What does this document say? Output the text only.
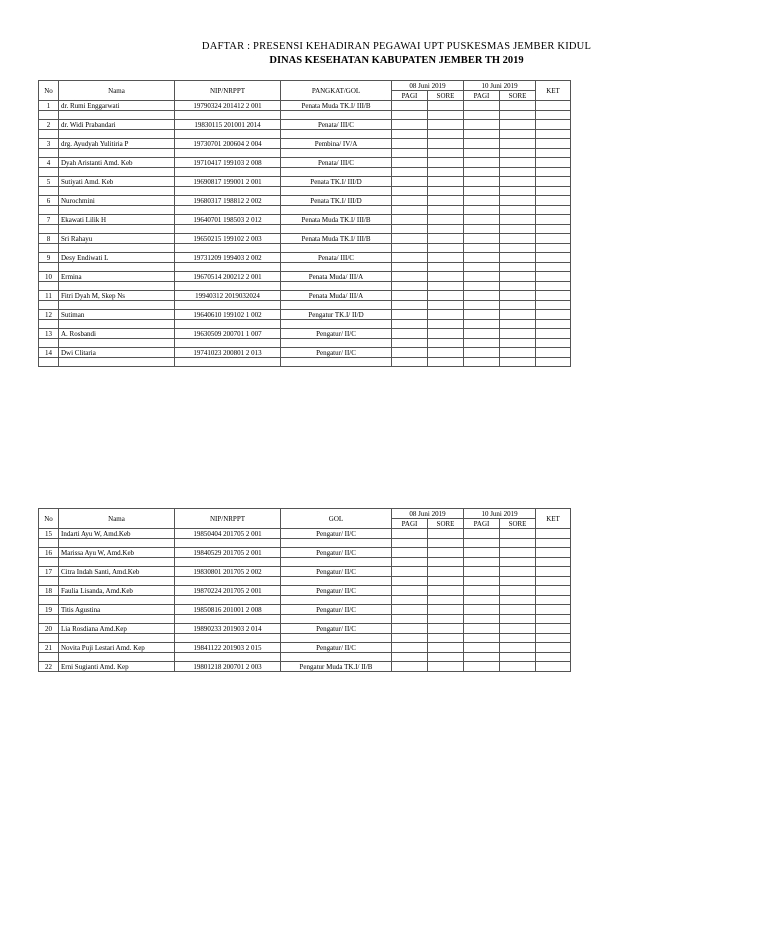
DAFTAR : PRESENSI KEHADIRAN PEGAWAI UPT PUSKESMAS JEMBER KIDUL
DINAS KESEHATAN KABUPATEN JEMBER TH 2019
No	Nama	NIP/NRPPT	PANGKAT/GOL	08 Juni 2019		10 Juni 2019		KET
				PAGI	SORE	PAGI	SORE	
1	dr. Rumi Enggarwati	19790324 201412 2 001	Penata Muda TK.I/ III/B					

2	dr. Widi Prabandari	19830115 201001 2014	Penata/ III/C					

3	drg. Ayudyah Yulitiria P	19730701 200604 2 004	Pembina/ IV/A					

4	Dyah Aristanti Amd. Keb	19710417 199103 2 008	Penata/ III/C					

5	Sutiyati Amd. Keb	19690817 199001 2 001	Penata TK.I/ III/D					

6	Nurochmini	19680317 198812 2 002	Penata TK.I/ III/D					

7	Ekawati Lilik H	19640701 198503 2 012	Penata Muda TK.I/ III/B					

8	Sri Rahayu	19650215 199102 2 003	Penata Muda TK.I/ III/B					

9	Desy Endiwati L	19731209 199403 2 002	Penata/ III/C					

10	Ermina	19670514 200212 2 001	Penata Muda/ III/A					

11	Fitri Dyah M, Skep Ns	19940312 2019032024	Penata Muda/ III/A					

12	Sutiman	19640610 199102 1 002	Pengatur TK.I/ II/D					

13	A. Rosbandi	19630509 200701 1 007	Pengatur/ II/C					

14	Dwi Clitaria	19741023 200801 2 013	Pengatur/ II/C					

No	Nama	NIP/NRPPT	GOL	08 Juni 2019		10 Juni 2019		KET
				PAGI	SORE	PAGI	SORE	
15	Indarti Ayu W, Amd.Keb	19850404 201705 2 001	Pengatur/ II/C					

16	Marissa Ayu W, Amd.Keb	19840529 201705 2 001	Pengatur/ II/C					

17	Citra Indah Santi, Amd.Keb	19830801 201705 2 002	Pengatur/ II/C					

18	Faulia Lisanda, Amd.Keb	19870224 201705 2 001	Pengatur/ II/C					

19	Titis Agustina	19850816 201001 2 008	Pengatur/ II/C					

20	Lia Rosdiana Amd.Kep	19890233 201903 2 014	Pengatur/ II/C					

21	Novita Puji Lestari Amd. Kep	19841122 201903 2 015	Pengatur/ II/C					

22	Erni Sugianti Amd. Kep	19801218 200701 2 003	Pengatur Muda TK.I/ II/B					
